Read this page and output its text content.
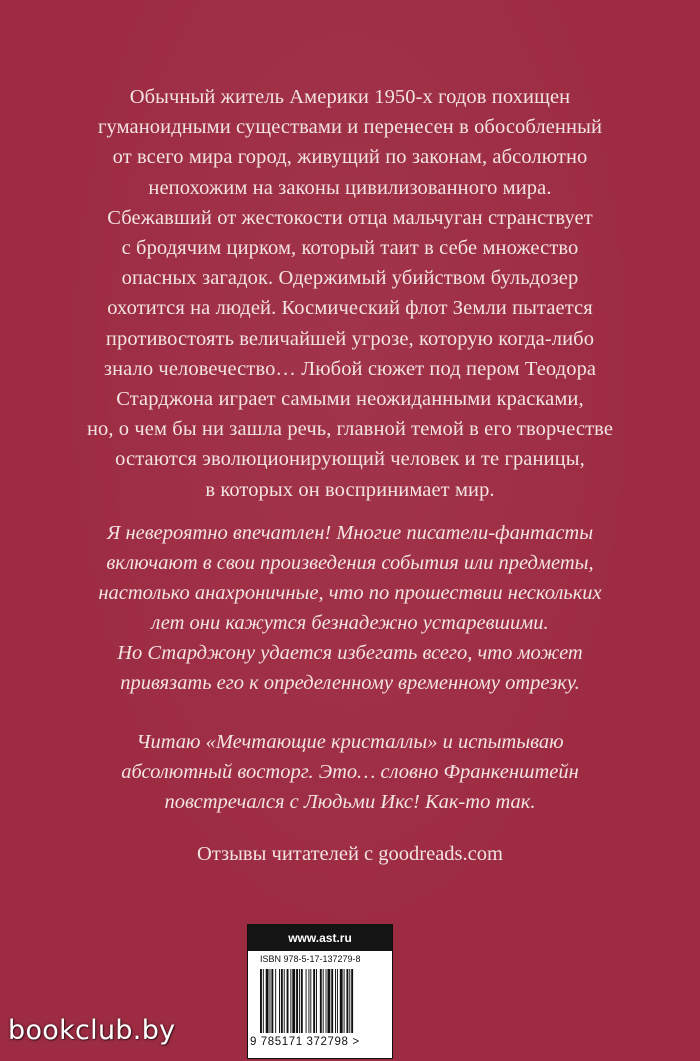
Обычный житель Америки 1950-х годов похищен
гуманоидными существами и перенесен в обособленный
от всего мира город, живущий по законам, абсолютно
непохожим на законы цивилизованного мира.
Сбежавший от жестокости отца мальчуган странствует
с бродячим цирком, который таит в себе множество
опасных загадок. Одержимый убийством бульдозер
охотится на людей. Космический флот Земли пытается
противостоять величайшей угрозе, которую когда-либо
знало человечество… Любой сюжет под пером Теодора
Старджона играет самыми неожиданными красками,
но, о чем бы ни зашла речь, главной темой в его творчестве
остаются эволюционирующий человек и те границы,
в которых он воспринимает мир.
Я невероятно впечатлен! Многие писатели-фантасты
включают в свои произведения события или предметы,
настолько анахроничные, что по прошествии нескольких
лет они кажутся безнадежно устаревшими.
Но Старджону удается избегать всего, что может
привязать его к определенному временному отрезку.
Читаю «Мечтающие кристаллы» и испытываю
абсолютный восторг. Это… словно Франкенштейн
повстречался с Людьми Икс! Как-то так.
Отзывы читателей с goodreads.com
www.ast.ru
ISBN 978-5-17-137279-8
9 785171 372798 >
bookclub.by
